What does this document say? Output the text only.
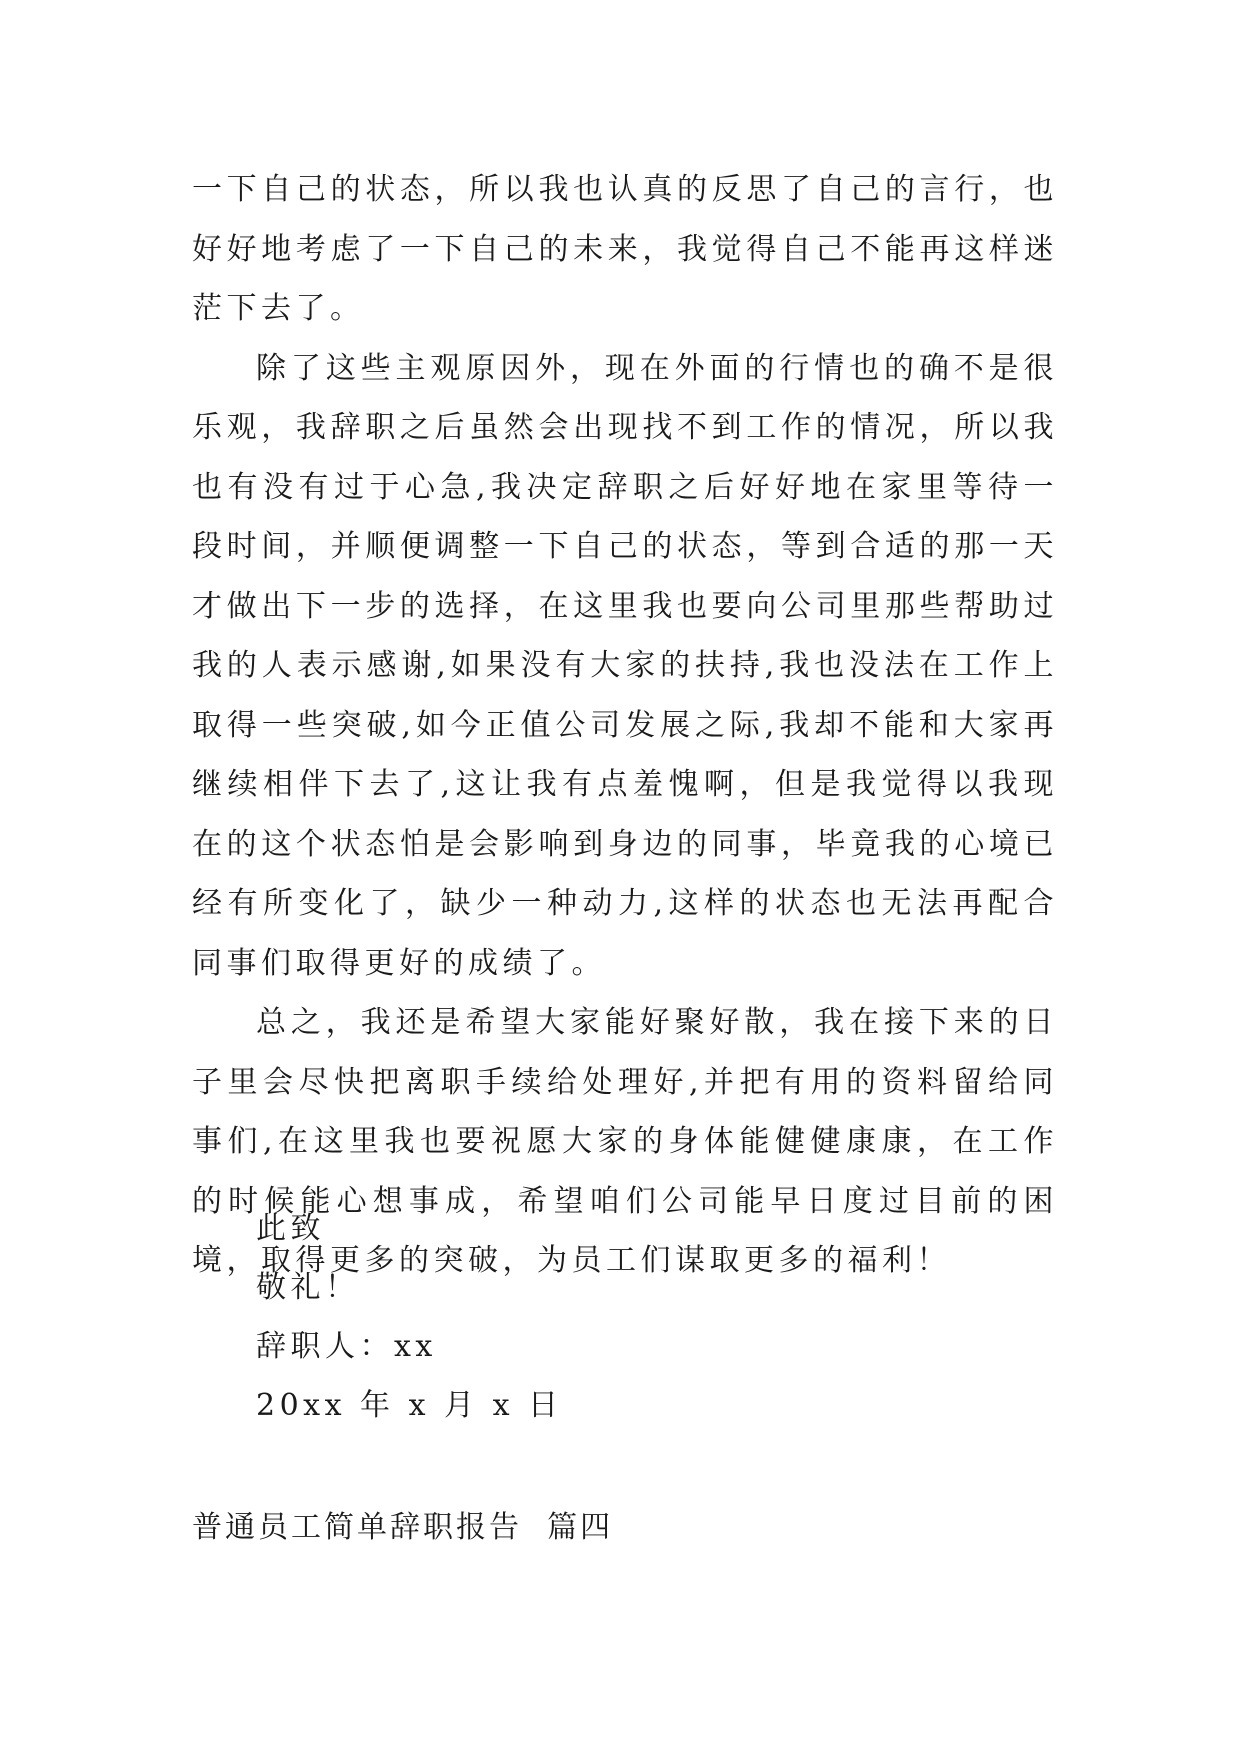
一下自己的状态，所以我也认真的反思了自己的言行，也好好地考虑了一下自己的未来，我觉得自己不能再这样迷茫下去了。

除了这些主观原因外，现在外面的行情也的确不是很乐观，我辞职之后虽然会出现找不到工作的情况，所以我也有没有过于心急,我决定辞职之后好好地在家里等待一段时间，并顺便调整一下自己的状态，等到合适的那一天才做出下一步的选择，在这里我也要向公司里那些帮助过我的人表示感谢,如果没有大家的扶持,我也没法在工作上取得一些突破,如今正值公司发展之际,我却不能和大家再继续相伴下去了,这让我有点羞愧啊，但是我觉得以我现在的这个状态怕是会影响到身边的同事，毕竟我的心境已经有所变化了，缺少一种动力,这样的状态也无法再配合同事们取得更好的成绩了。

总之，我还是希望大家能好聚好散，我在接下来的日子里会尽快把离职手续给处理好,并把有用的资料留给同事们,在这里我也要祝愿大家的身体能健健康康，在工作的时候能心想事成，希望咱们公司能早日度过目前的困境，取得更多的突破，为员工们谋取更多的福利！

此致
敬礼！
辞职人：xx
20xx 年 x 月 x 日
普通员工简单辞职报告  篇四
